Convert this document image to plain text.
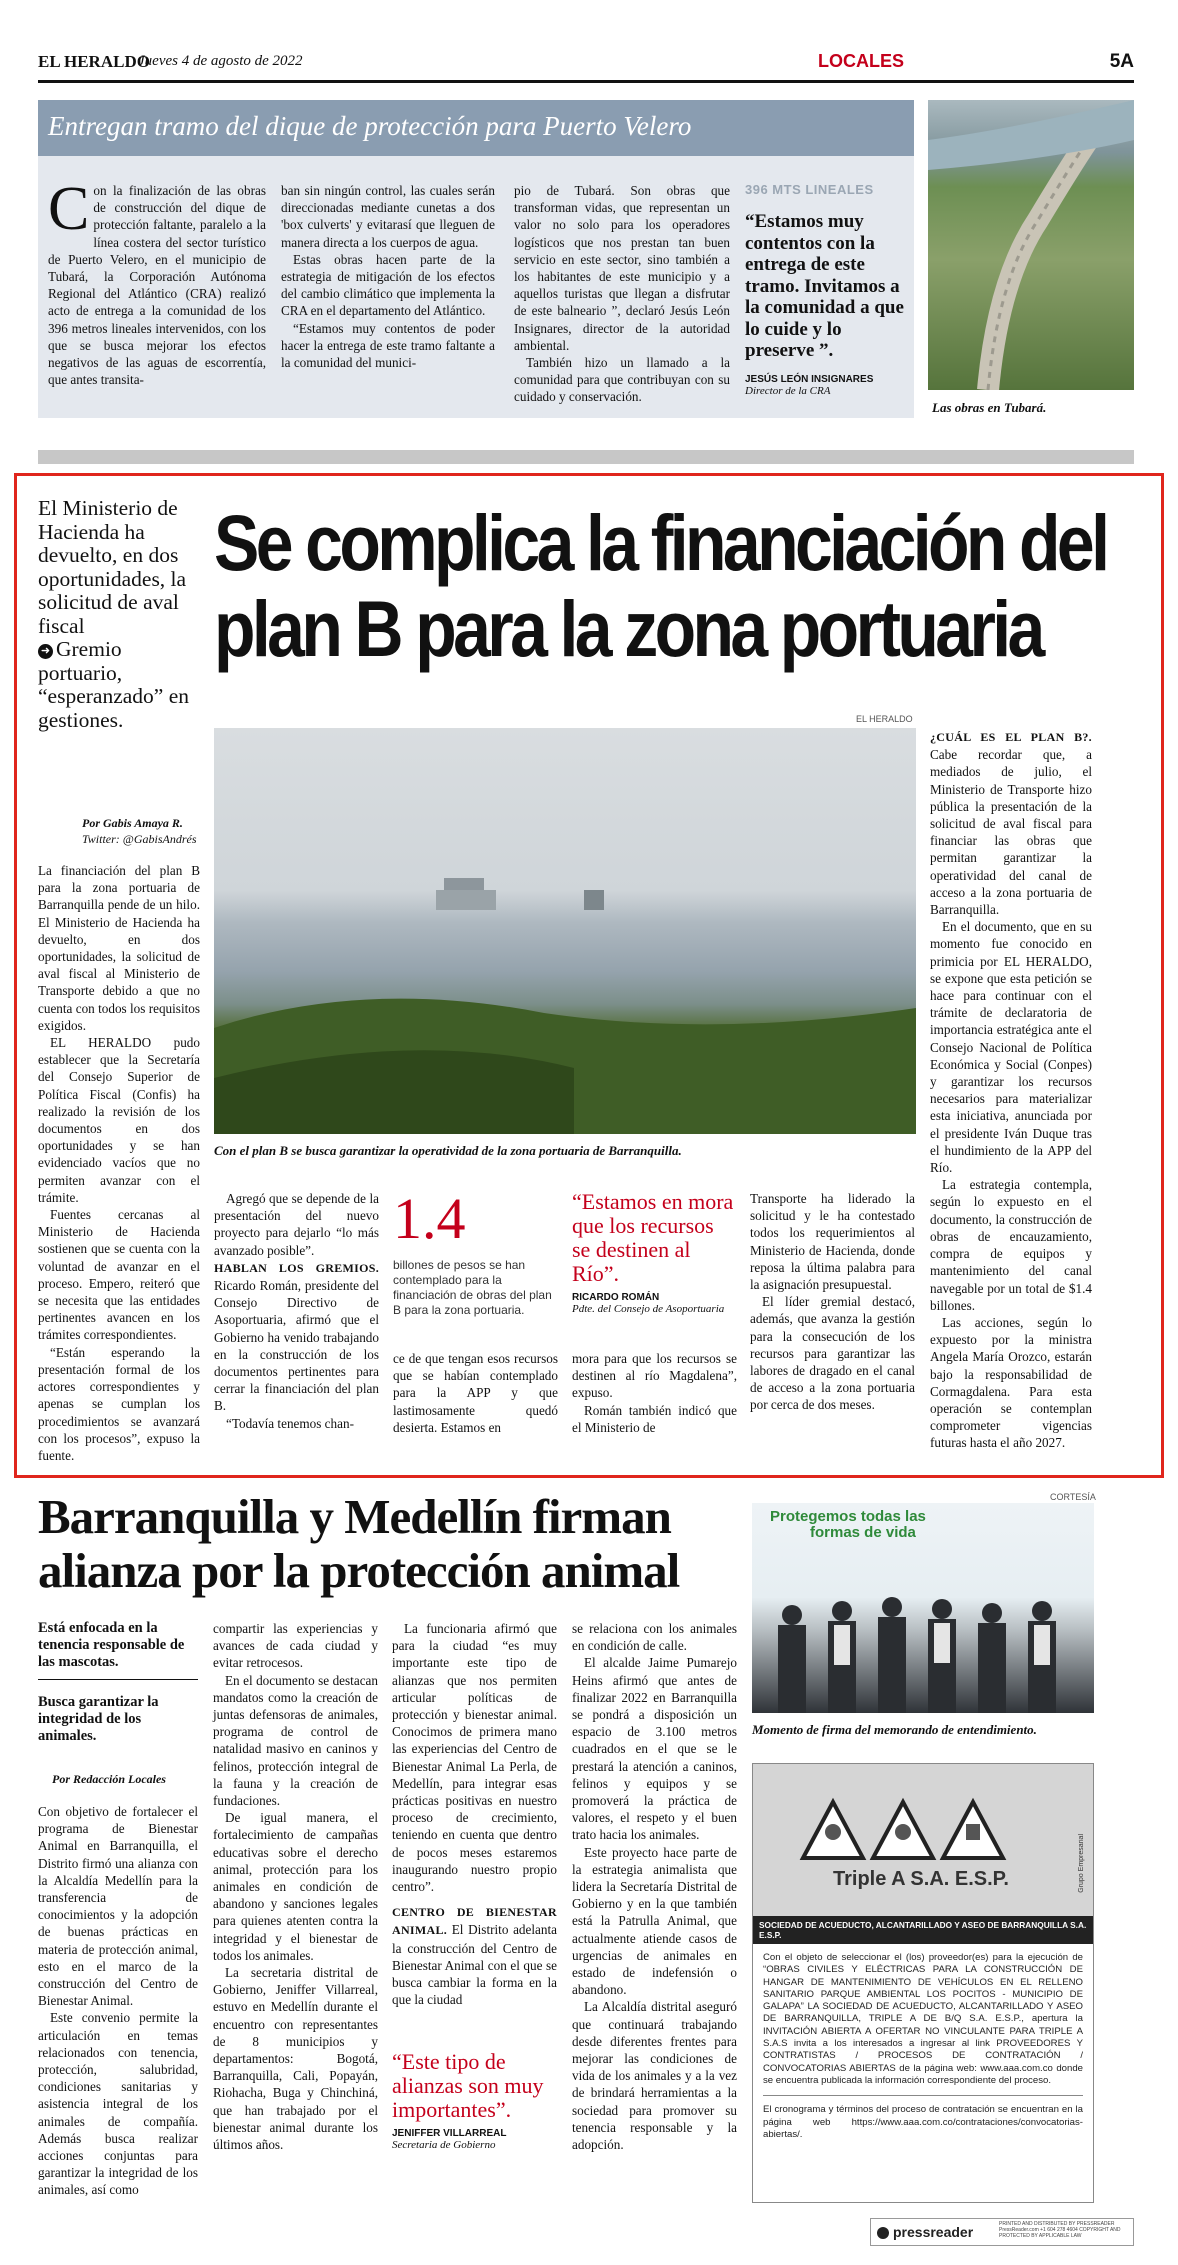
EL HERALDO
Jueves 4 de agosto de 2022	LOCALES	5A
Entregan tramo del dique de protección para Puerto Velero
C on la finalización de las obras de construcción del dique de protección faltante, paralelo a la línea costera del sector turístico de Puerto Velero, en el municipio de Tubará, la Corporación Autónoma Regional del Atlántico (CRA) realizó acto de entrega a la comunidad de los 396 metros lineales intervenidos, con los que se busca mejorar los efectos negativos de las aguas de escorrentía, que antes transita-

ban sin ningún control, las cuales serán direccionadas mediante cunetas a dos 'box culverts' y evitarasí que lleguen de manera directa a los cuerpos de agua.

Estas obras hacen parte de la estrategia de mitigación de los efectos del cambio climático que implementa la CRA en el departamento del Atlántico.

“Estamos muy contentos de poder hacer la entrega de este tramo faltante a la comunidad del munici-

pio de Tubará. Son obras que transforman vidas, que representan un valor no solo para los operadores logísticos que nos prestan tan buen servicio en este sector, sino también a los habitantes de este municipio y a aquellos turistas que llegan a disfrutar de este balneario ”, declaró Jesús León Insignares, director de la autoridad ambiental.

También hizo un llamado a la comunidad para que contribuyan con su cuidado y conservación.

396 MTS LINEALES
“Estamos muy contentos con la entrega de este tramo. Invitamos a la comunidad a que lo cuide y lo preserve ”.
JESÚS LEÓN INSIGNARES
Director de la CRA
Las obras en Tubará.
El Ministerio de Hacienda ha devuelto, en dos oportunidades, la solicitud de aval fiscal
➜ Gremio portuario, “esperanzado” en gestiones.
Por Gabis Amaya R.
Twitter: @GabisAndrés
Se complica la financiación del plan B para la zona portuaria
EL HERALDO
Con el plan B se busca garantizar la operatividad de la zona portuaria de Barranquilla.

La financiación del plan B para la zona portuaria de Barranquilla pende de un hilo. El Ministerio de Hacienda ha devuelto, en dos oportunidades, la solicitud de aval fiscal al Ministerio de Transporte debido a que no cuenta con todos los requisitos exigidos.

EL HERALDO pudo establecer que la Secretaría del Consejo Superior de Política Fiscal (Confis) ha realizado la revisión de los documentos en dos oportunidades y se han evidenciado vacíos que no permiten avanzar con el trámite.

Fuentes cercanas al Ministerio de Hacienda sostienen que se cuenta con la voluntad de avanzar en el proceso. Empero, reiteró que se necesita que las entidades pertinentes avancen en los trámites correspondientes.

“Están esperando la presentación formal de los actores correspondientes y apenas se cumplan los procedimientos se avanzará con los procesos”, expuso la fuente.

Agregó que se depende de la presentación del nuevo proyecto para dejarlo “lo más avanzado posible”.

HABLAN LOS GREMIOS. Ricardo Román, presidente del Consejo Directivo de Asoportuaria, afirmó que el Gobierno ha venido trabajando en la construcción de los documentos pertinentes para cerrar la financiación del plan B.

“Todavía tenemos chan-

1.4
billones de pesos se han contemplado para la financiación de obras del plan B para la zona portuaria.

ce de que tengan esos recursos que se habían contemplado para la APP y que lastimosamente quedó desierta. Estamos en

“Estamos en mora que los recursos se destinen al Río”.
RICARDO ROMÁN
Pdte. del Consejo de Asoportuaria

mora para que los recursos se destinen al río Magdalena”, expuso.

Román también indicó que el Ministerio de

Transporte ha liderado la solicitud y le ha contestado todos los requerimientos al Ministerio de Hacienda, donde reposa la última palabra para la asignación presupuestal.

El líder gremial destacó, además, que avanza la gestión para la consecución de los recursos para garantizar las labores de dragado en el canal de acceso a la zona portuaria por cerca de dos meses.

¿CUÁL ES EL PLAN B?. Cabe recordar que, a mediados de julio, el Ministerio de Transporte hizo pública la presentación de la solicitud de aval fiscal para financiar las obras que permitan garantizar la operatividad del canal de acceso a la zona portuaria de Barranquilla.

En el documento, que en su momento fue conocido en primicia por EL HERALDO, se expone que esta petición se hace para continuar con el trámite de declaratoria de importancia estratégica ante el Consejo Nacional de Política Económica y Social (Conpes) y garantizar los recursos necesarios para materializar esta iniciativa, anunciada por el presidente Iván Duque tras el hundimiento de la APP del Río.

La estrategia contempla, según lo expuesto en el documento, la construcción de obras de encauzamiento, compra de equipos y mantenimiento del canal navegable por un total de $1.4 billones.

Las acciones, según lo expuesto por la ministra Angela María Orozco, estarán bajo la responsabilidad de Cormagdalena. Para esta operación se contemplan comprometer vigencias futuras hasta el año 2027.

Barranquilla y Medellín firman alianza por la protección animal
Está enfocada en la tenencia responsable de las mascotas.
Busca garantizar la integridad de los animales.
Por Redacción Locales

Con objetivo de fortalecer el programa de Bienestar Animal en Barranquilla, el Distrito firmó una alianza con la Alcaldía Medellín para la transferencia de conocimientos y la adopción de buenas prácticas en materia de protección animal, esto en el marco de la construcción del Centro de Bienestar Animal.

Este convenio permite la articulación en temas relacionados con tenencia, protección, salubridad, condiciones sanitarias y asistencia integral de los animales de compañía. Además busca realizar acciones conjuntas para garantizar la integridad de los animales, así como

compartir las experiencias y avances de cada ciudad y evitar retrocesos.

En el documento se destacan mandatos como la creación de juntas defensoras de animales, programa de control de natalidad masivo en caninos y felinos, protección integral de la fauna y la creación de fundaciones.

De igual manera, el fortalecimiento de campañas educativas sobre el derecho animal, protección para los animales en condición de abandono y sanciones legales para quienes atenten contra la integridad y el bienestar de todos los animales.

La secretaria distrital de Gobierno, Jeniffer Villarreal, estuvo en Medellín durante el encuentro con representantes de 8 municipios y departamentos: Bogotá, Barranquilla, Cali, Popayán, Riohacha, Buga y Chinchiná, que han trabajado por el bienestar animal durante los últimos años.

La funcionaria afirmó que para la ciudad “es muy importante este tipo de alianzas que nos permiten articular políticas de protección y bienestar animal. Conocimos de primera mano las experiencias del Centro de Bienestar Animal La Perla, de Medellín, para integrar esas prácticas positivas en nuestro proceso de crecimiento, teniendo en cuenta que dentro de pocos meses estaremos inaugurando nuestro propio centro”.

CENTRO DE BIENESTAR ANIMAL. El Distrito adelanta la construcción del Centro de Bienestar Animal con el que se busca cambiar la forma en la que la ciudad

“Este tipo de alianzas son muy importantes”.
JENIFFER VILLARREAL
Secretaria de Gobierno

se relaciona con los animales en condición de calle.

El alcalde Jaime Pumarejo Heins afirmó que antes de finalizar 2022 en Barranquilla se pondrá a disposición un espacio de 3.100 metros cuadrados en el que se le prestará la atención a caninos, felinos y equipos y se promoverá la práctica de valores, el respeto y el buen trato hacia los animales.

Este proyecto hace parte de la estrategia animalista que lidera la Secretaría Distrital de Gobierno y en la que también está la Patrulla Animal, que actualmente atiende casos de urgencias de animales en estado de indefensión o abandono.

La Alcaldía distrital aseguró que continuará trabajando desde diferentes frentes para mejorar las condiciones de vida de los animales y a la vez de brindará herramientas a la sociedad para promover su tenencia responsable y la adopción.

CORTESÍA
Protegemos todas las
formas de vida
Momento de firma del memorando de entendimiento.
Triple A S.A. E.S.P.	Grupo Empresarial
SOCIEDAD DE ACUEDUCTO, ALCANTARILLADO Y ASEO DE BARRANQUILLA S.A. E.S.P.

Con el objeto de seleccionar el (los) proveedor(es) para la ejecución de “OBRAS CIVILES Y ELÉCTRICAS PARA LA CONSTRUCCIÓN DE HANGAR DE MANTENIMIENTO DE VEHÍCULOS EN EL RELLENO SANITARIO PARQUE AMBIENTAL LOS POCITOS - MUNICIPIO DE GALAPA” LA SOCIEDAD DE ACUEDUCTO, ALCANTARILLADO Y ASEO DE BARRANQUILLA, TRIPLE A DE B/Q S.A. E.S.P., apertura la INVITACIÓN ABIERTA A OFERTAR NO VINCULANTE PARA TRIPLE A S.A.S invita a los interesados a ingresar al link PROVEEDORES Y CONTRATISTAS / PROCESOS DE CONTRATACIÓN / CONVOCATORIAS ABIERTAS de la página web: www.aaa.com.co donde se encuentra publicada la información correspondiente del proceso.

El cronograma y términos del proceso de contratación se encuentran en la página web https://www.aaa.com.co/contrataciones/convocatorias-abiertas/.

pressreader	PRINTED AND DISTRIBUTED BY PRESSREADER PressReader.com +1 604 278 4604 COPYRIGHT AND PROTECTED BY APPLICABLE LAW
